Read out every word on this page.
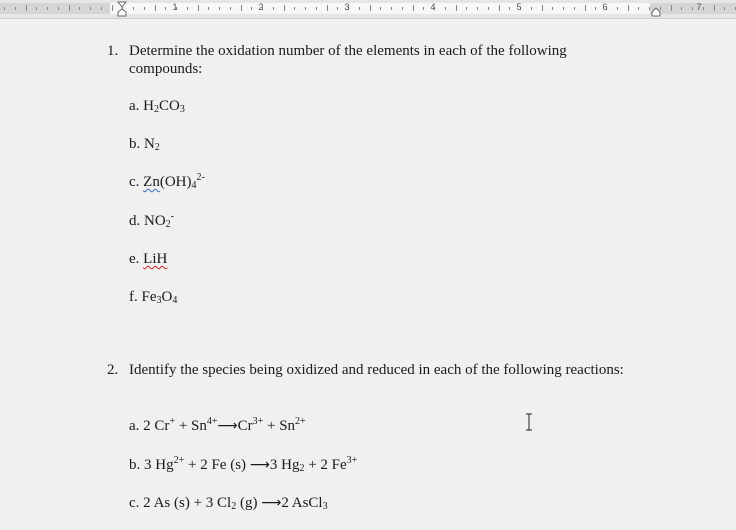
1	2	3	4	5	6	7
1. Determine the oxidation number of the elements in each of the following compounds:
a. $H_2CO_3$
b. $N_2$
c. $Zn(OH)_4^{2-}$
d. $NO_2^-$
e. LiH
f. $Fe_3O_4$
2. Identify the species being oxidized and reduced in each of the following reactions:
a. 2 $Cr^+ + Sn^{4+}⟶Cr^{3+} + Sn^{2+}$
b. 3 $Hg^{2+} + 2$ Fe (s) ⟶3 $Hg_2 + 2$ $Fe^{3+}$
c. 2 As (s) + 3 $Cl_2$ (g) ⟶2 AsCl$_3$
